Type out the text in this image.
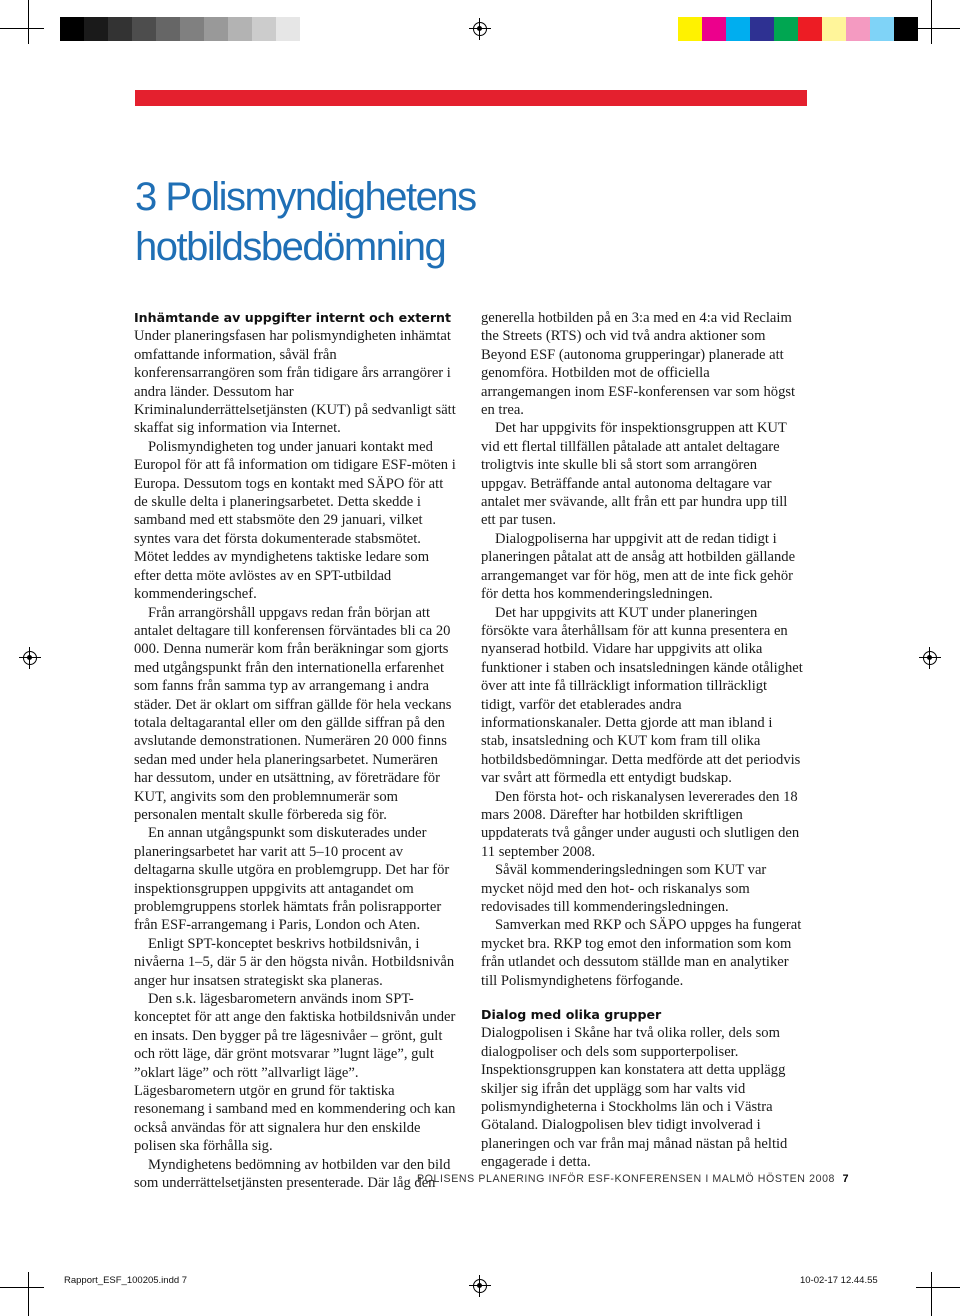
3 Polismyndighetens
hotbildsbedömning
Inhämtande av uppgifter internt och externt

Under planeringsfasen har polismyndigheten inhämtat omfattande information, såväl från konferensarrangören som från tidigare års arrangörer i andra länder. Dessutom har Kriminalunderrättelsetjänsten (KUT) på sedvanligt sätt skaffat sig information via Internet.

Polismyndigheten tog under januari kontakt med Europol för att få information om tidigare ESF-möten i Europa. Dessutom togs en kontakt med SÄPO för att de skulle delta i planeringsarbetet. Detta skedde i samband med ett stabsmöte den 29 januari, vilket syntes vara det första dokumenterade stabsmötet. Mötet leddes av myndighetens taktiske ledare som efter detta möte avlöstes av en SPT-utbildad kommenderingschef.

Från arrangörshåll uppgavs redan från början att antalet deltagare till konferensen förväntades bli ca 20 000. Denna numerär kom från beräkningar som gjorts med utgångspunkt från den internationella erfarenhet som fanns från samma typ av arrangemang i andra städer. Det är oklart om siffran gällde för hela veckans totala deltagarantal eller om den gällde siffran på den avslutande demonstrationen. Numerären 20 000 finns sedan med under hela planeringsarbetet. Numerären har dessutom, under en utsättning, av företrädare för KUT, angivits som den problemnumerär som personalen mentalt skulle förbereda sig för.

En annan utgångspunkt som diskuterades under planeringsarbetet har varit att 5–10 procent av deltagarna skulle utgöra en problemgrupp. Det har för inspektionsgruppen uppgivits att antagandet om problemgruppens storlek hämtats från polisrapporter från ESF-arrangemang i Paris, London och Aten.

Enligt SPT-konceptet beskrivs hotbildsnivån, i nivåerna 1–5, där 5 är den högsta nivån. Hotbildsnivån anger hur insatsen strategiskt ska planeras.

Den s.k. lägesbarometern används inom SPT-konceptet för att ange den faktiska hotbildsnivån under en insats. Den bygger på tre lägesnivåer – grönt, gult och rött läge, där grönt motsvarar ”lugnt läge”, gult ”oklart läge” och rött ”allvarligt läge”. Lägesbarometern utgör en grund för taktiska resonemang i samband med en kommendering och kan också användas för att signalera hur den enskilde polisen ska förhålla sig.

Myndighetens bedömning av hotbilden var den bild som underrättelsetjänsten presenterade. Där låg den

generella hotbilden på en 3:a med en 4:a vid Reclaim the Streets (RTS) och vid två andra aktioner som Beyond ESF (autonoma grupperingar) planerade att genomföra. Hotbilden mot de officiella arrangemangen inom ESF-konferensen var som högst en trea.

Det har uppgivits för inspektionsgruppen att KUT vid ett flertal tillfällen påtalade att antalet deltagare troligtvis inte skulle bli så stort som arrangören uppgav. Beträffande antal autonoma deltagare var antalet mer svävande, allt från ett par hundra upp till ett par tusen.

Dialogpoliserna har uppgivit att de redan tidigt i planeringen påtalat att de ansåg att hotbilden gällande arrangemanget var för hög, men att de inte fick gehör för detta hos kommenderingsledningen.

Det har uppgivits att KUT under planeringen försökte vara återhållsam för att kunna presentera en nyanserad hotbild. Vidare har uppgivits att olika funktioner i staben och insatsledningen kände otålighet över att inte få tillräckligt information tillräckligt tidigt, varför det etablerades andra informationskanaler. Detta gjorde att man ibland i stab, insatsledning och KUT kom fram till olika hotbildsbedömningar. Detta medförde att det periodvis var svårt att förmedla ett entydigt budskap.

Den första hot- och riskanalysen levererades den 18 mars 2008. Därefter har hotbilden skriftligen uppdaterats två gånger under augusti och slutligen den 11 september 2008.

Såväl kommenderingsledningen som KUT var mycket nöjd med den hot- och riskanalys som redovisades till kommenderingsledningen.

Samverkan med RKP och SÄPO uppges ha fungerat mycket bra. RKP tog emot den information som kom från utlandet och dessutom ställde man en analytiker till Polismyndighetens förfogande.

Dialog med olika grupper

Dialogpolisen i Skåne har två olika roller, dels som dialogpoliser och dels som supporterpoliser. Inspektionsgruppen kan konstatera att detta upplägg skiljer sig ifrån det upplägg som har valts vid polismyndigheterna i Stockholms län och i Västra Götaland. Dialogpolisen blev tidigt involverad i planeringen och var från maj månad nästan på heltid engagerade i detta.

POLISENS PLANERING INFÖR ESF-KONFERENSEN I MALMÖ HÖSTEN 2008 7
Rapport_ESF_100205.indd 7	10-02-17 12.44.55
